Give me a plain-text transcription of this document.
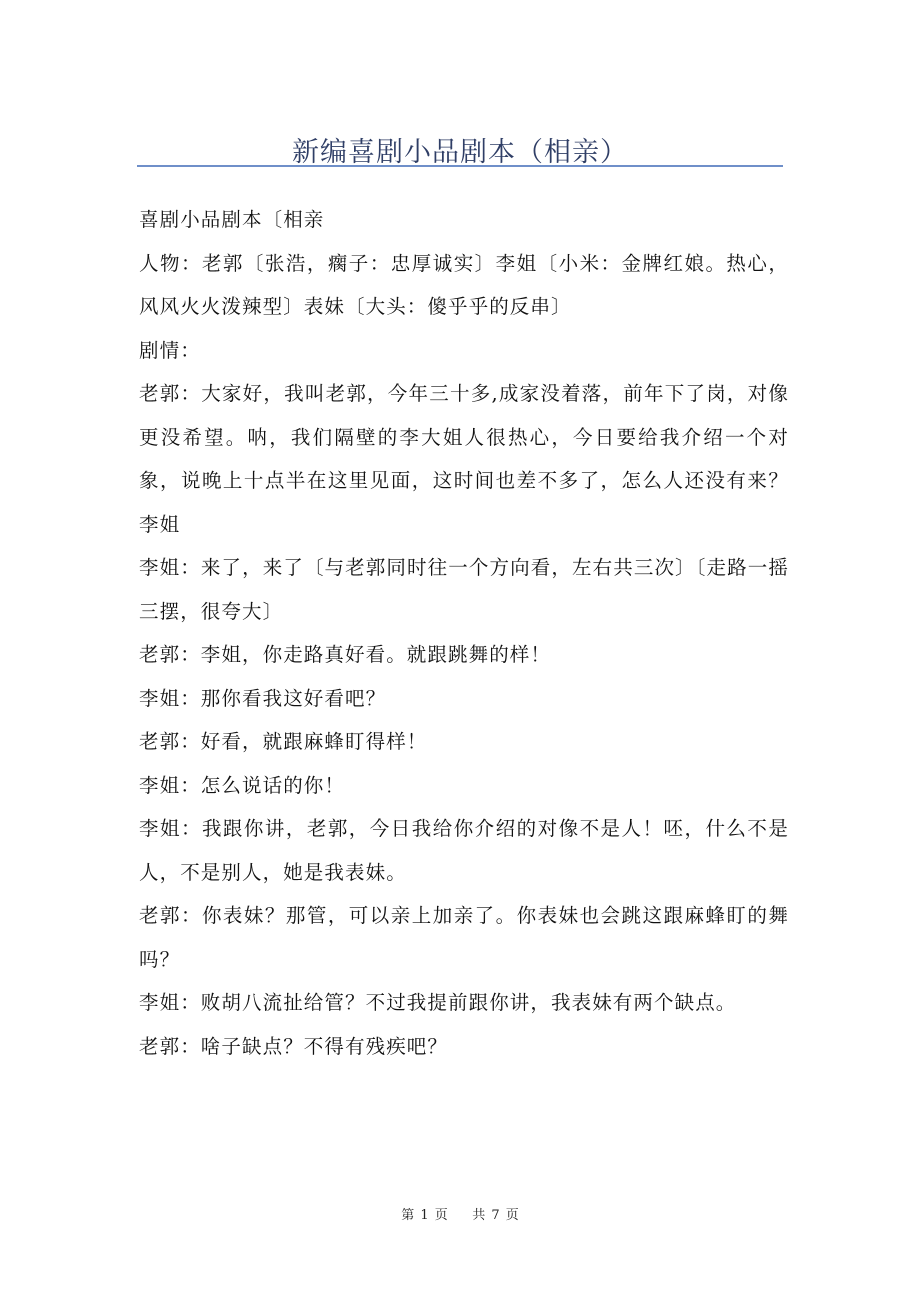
新编喜剧小品剧本（相亲）

喜剧小品剧本〔相亲

人物：老郭〔张浩，瘸子：忠厚诚实〕李姐〔小米：金牌红娘。热心，风风火火泼辣型〕表妹〔大头：傻乎乎的反串〕

剧情：

老郭：大家好，我叫老郭，今年三十多,成家没着落，前年下了岗，对像更没希望。呐，我们隔壁的李大姐人很热心，今日要给我介绍一个对象，说晚上十点半在这里见面，这时间也差不多了，怎么人还没有来？李姐

李姐：来了，来了〔与老郭同时往一个方向看，左右共三次〕〔走路一摇三摆，很夸大〕

老郭：李姐，你走路真好看。就跟跳舞的样！

李姐：那你看我这好看吧？

老郭：好看，就跟麻蜂盯得样！

李姐：怎么说话的你！

李姐：我跟你讲，老郭，今日我给你介绍的对像不是人！呸，什么不是人，不是别人，她是我表妹。

老郭：你表妹？那管，可以亲上加亲了。你表妹也会跳这跟麻蜂盯的舞吗？

李姐：败胡八流扯给管？不过我提前跟你讲，我表妹有两个缺点。

老郭：啥子缺点？不得有残疾吧？

第 1 页 共 7 页
